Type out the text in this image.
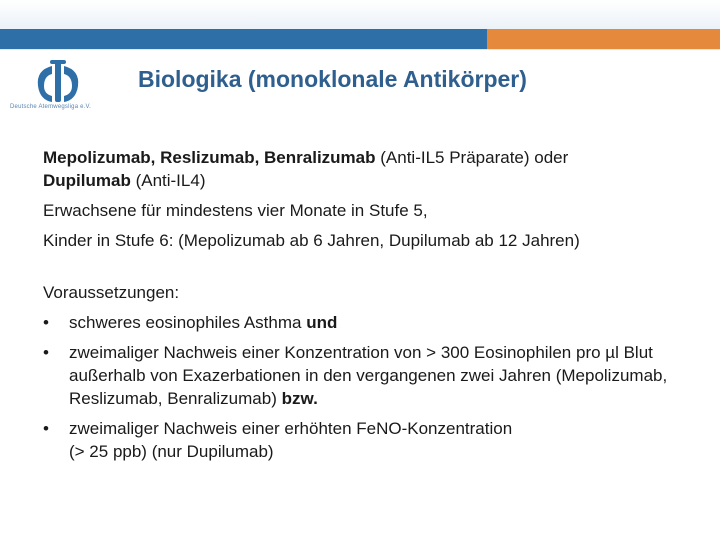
Deutsche Atemwegsliga e.V.
Biologika (monoklonale Antikörper)

Mepolizumab, Reslizumab, Benralizumab (Anti-IL5 Präparate) oder
Dupilumab (Anti-IL4)

Erwachsene für mindestens vier Monate in Stufe 5,

Kinder in Stufe 6: (Mepolizumab ab 6 Jahren, Dupilumab ab 12 Jahren)

Voraussetzungen:

• schweres eosinophiles Asthma und
• zweimaliger Nachweis einer Konzentration von > 300 Eosinophilen pro µl Blut außerhalb von Exazerbationen in den vergangenen zwei Jahren (Mepolizumab, Reslizumab, Benralizumab) bzw.
• zweimaliger Nachweis einer erhöhten FeNO-Konzentration
(> 25 ppb) (nur Dupilumab)
